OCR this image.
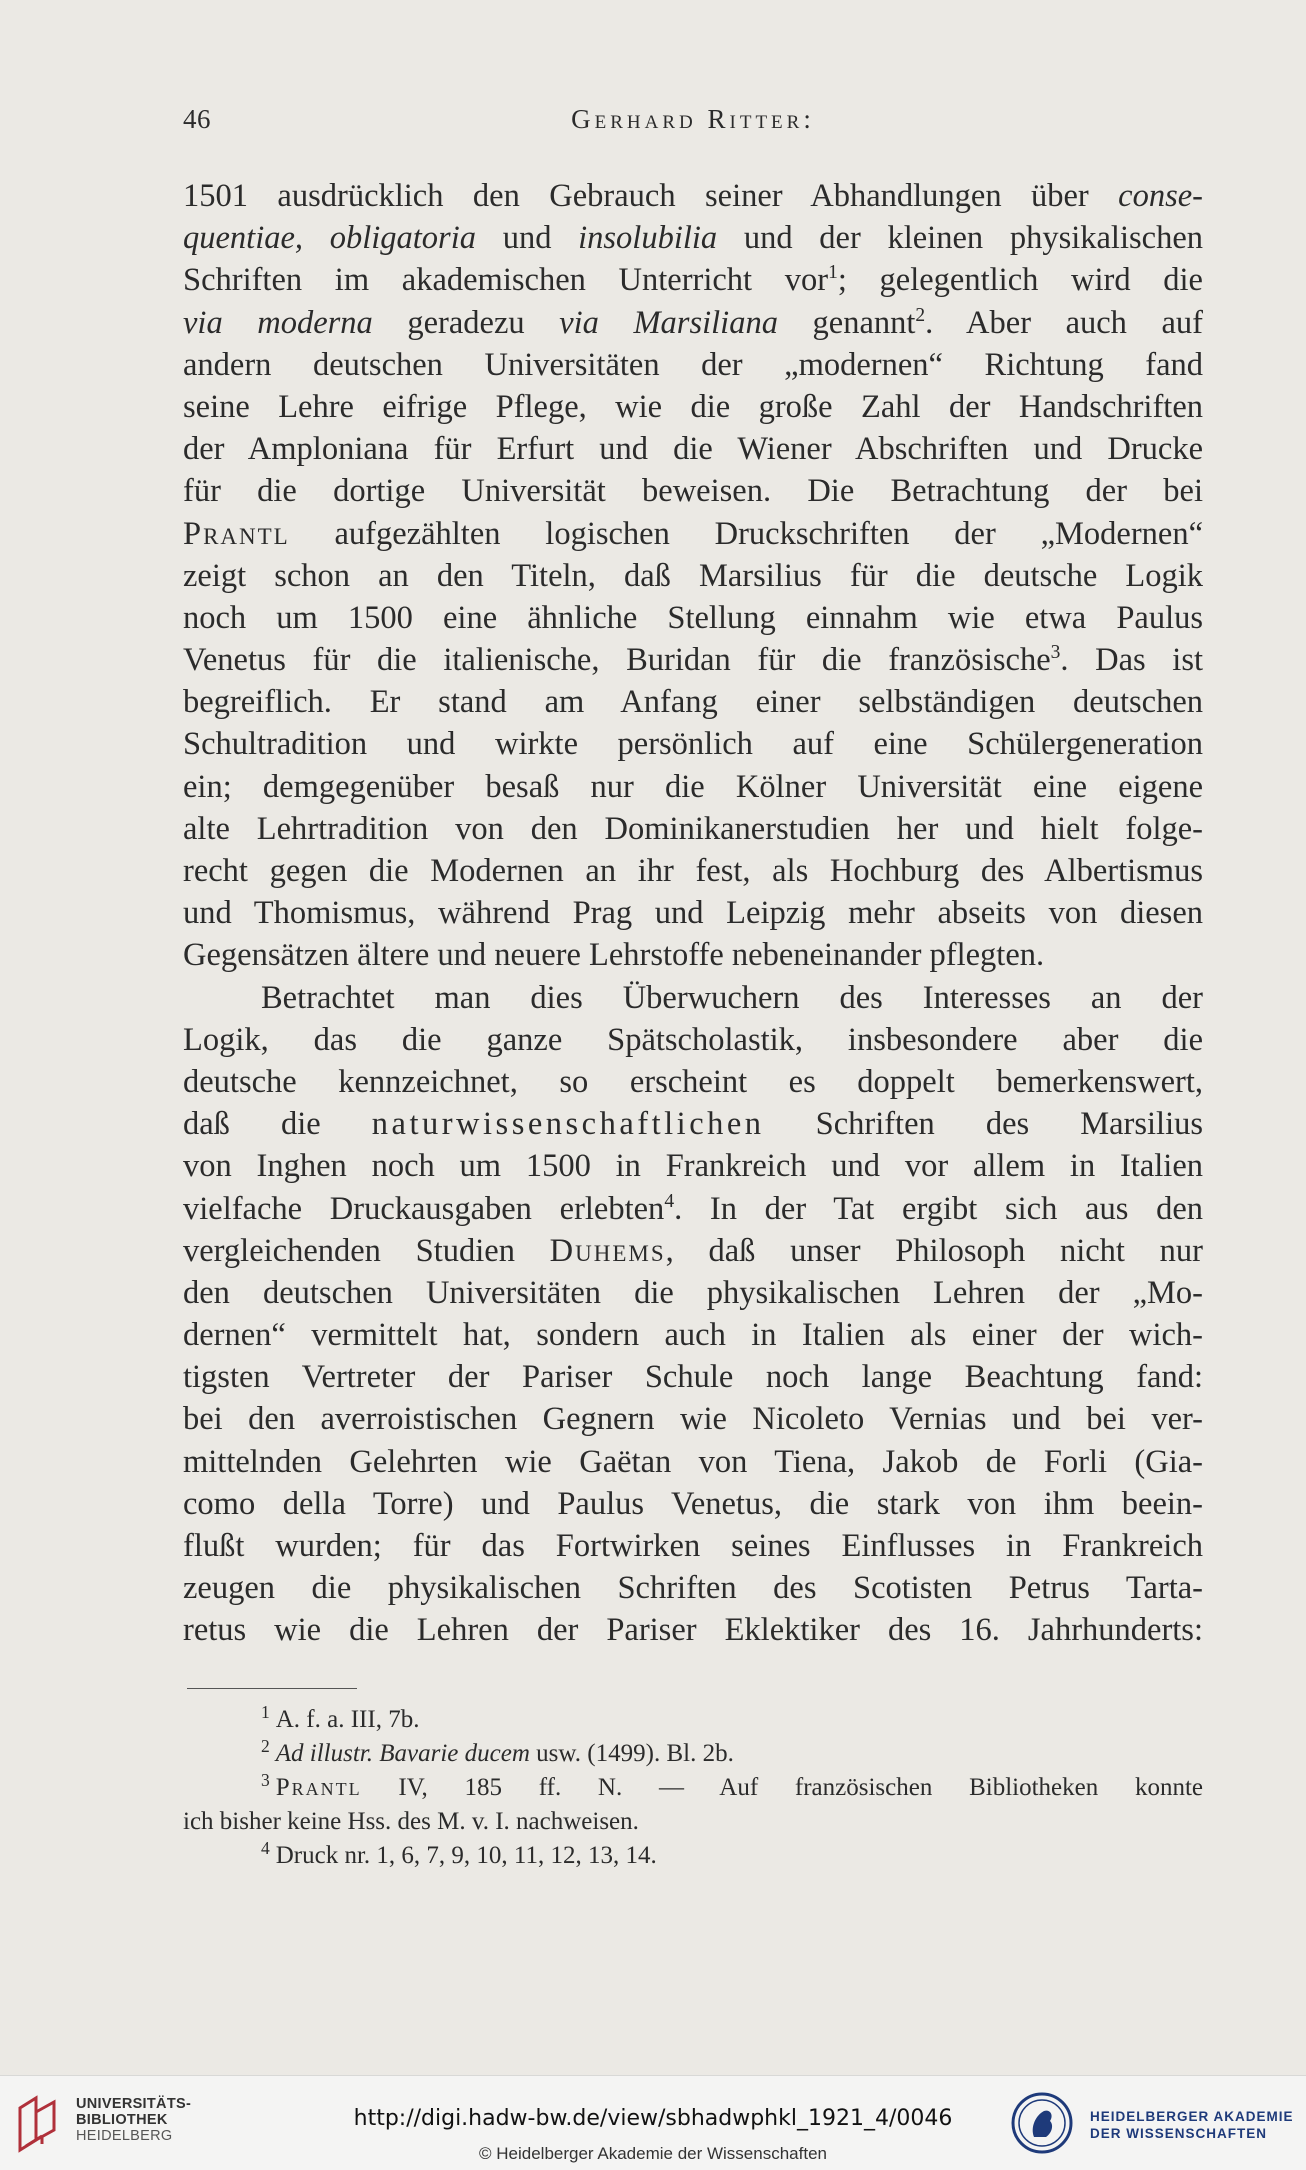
46	Gerhard Ritter:
1501 ausdrücklich den Gebrauch seiner Abhandlungen über conse-
quentiae, obligatoria und insolubilia und der kleinen physikalischen
Schriften im akademischen Unterricht vor$^1$; gelegentlich wird die
via moderna geradezu via Marsiliana genannt$^2$. Aber auch auf
andern deutschen Universitäten der „modernen“ Richtung fand
seine Lehre eifrige Pflege, wie die große Zahl der Handschriften
der Amploniana für Erfurt und die Wiener Abschriften und Drucke
für die dortige Universität beweisen. Die Betrachtung der bei
Prantl aufgezählten logischen Druckschriften der „Modernen“
zeigt schon an den Titeln, daß Marsilius für die deutsche Logik
noch um 1500 eine ähnliche Stellung einnahm wie etwa Paulus
Venetus für die italienische, Buridan für die französische$^3$. Das ist
begreiflich. Er stand am Anfang einer selbständigen deutschen
Schultradition und wirkte persönlich auf eine Schülergeneration
ein; demgegenüber besaß nur die Kölner Universität eine eigene
alte Lehrtradition von den Dominikanerstudien her und hielt folge-
recht gegen die Modernen an ihr fest, als Hochburg des Albertismus
und Thomismus, während Prag und Leipzig mehr abseits von diesen
Gegensätzen ältere und neuere Lehrstoffe nebeneinander pflegten.
Betrachtet man dies Überwuchern des Interesses an der
Logik, das die ganze Spätscholastik, insbesondere aber die
deutsche kennzeichnet, so erscheint es doppelt bemerkenswert,
daß die naturwissenschaftlichen Schriften des Marsilius
von Inghen noch um 1500 in Frankreich und vor allem in Italien
vielfache Druckausgaben erlebten$^4$. In der Tat ergibt sich aus den
vergleichenden Studien Duhems, daß unser Philosoph nicht nur
den deutschen Universitäten die physikalischen Lehren der „Mo-
dernen“ vermittelt hat, sondern auch in Italien als einer der wich-
tigsten Vertreter der Pariser Schule noch lange Beachtung fand:
bei den averroistischen Gegnern wie Nicoleto Vernias und bei ver-
mittelnden Gelehrten wie Gaëtan von Tiena, Jakob de Forli (Gia-
como della Torre) und Paulus Venetus, die stark von ihm beein-
flußt wurden; für das Fortwirken seines Einflusses in Frankreich
zeugen die physikalischen Schriften des Scotisten Petrus Tarta-
retus wie die Lehren der Pariser Eklektiker des 16. Jahrhunderts:
$^1$ A. f. a. III, 7b.
$^2$ Ad illustr. Bavarie ducem usw. (1499). Bl. 2b.
$^3$ Prantl IV, 185 ff. N. — Auf französischen Bibliotheken konnte
ich bisher keine Hss. des M. v. I. nachweisen.
$^4$ Druck nr. 1, 6, 7, 9, 10, 11, 12, 13, 14.
UNIVERSITÄTS-
BIBLIOTHEK
HEIDELBERG
http://digi.hadw-bw.de/view/sbhadwphkl_1921_4/0046
© Heidelberger Akademie der Wissenschaften
HEIDELBERGER AKADEMIE
DER WISSENSCHAFTEN
